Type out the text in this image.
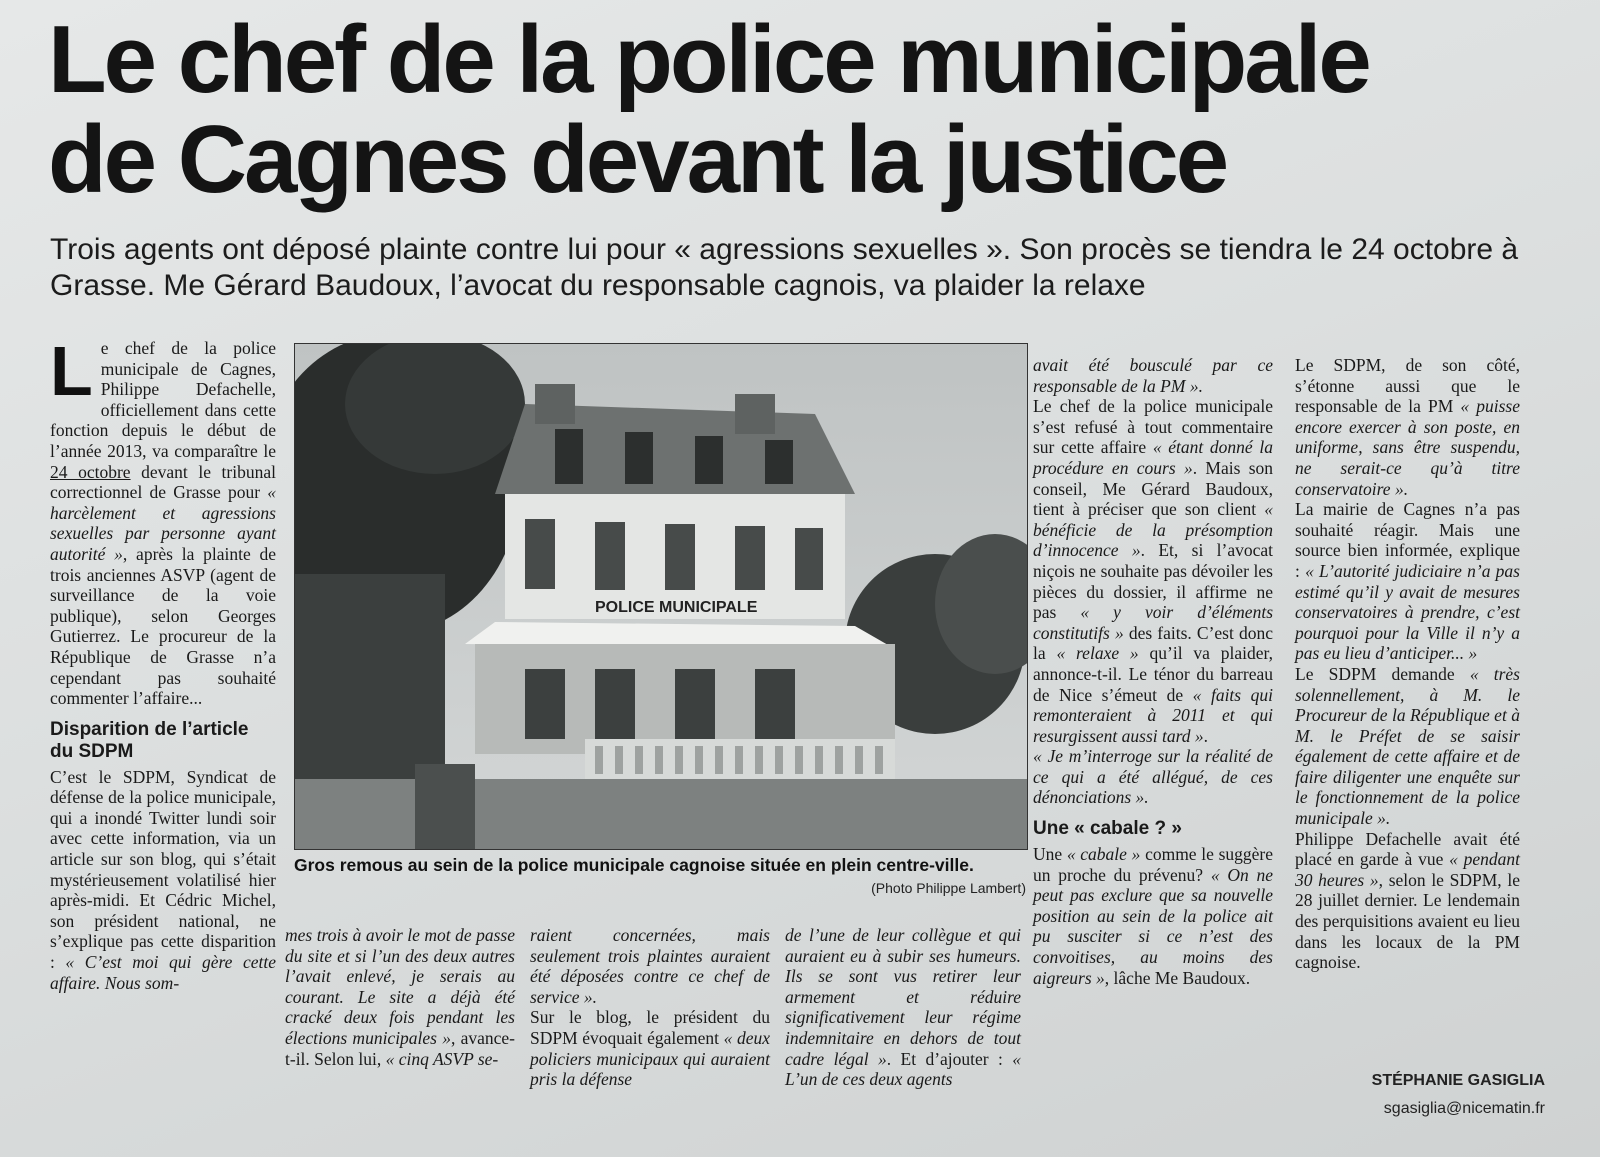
Le chef de la police municipale
de Cagnes devant la justice

Trois agents ont déposé plainte contre lui pour « agressions sexuelles ». Son procès se tiendra le 24 octobre à Grasse. Me Gérard Baudoux, l’avocat du responsable cagnois, va plaider la relaxe

Le chef de la police municipale de Cagnes, Philippe Defachelle, officiellement dans cette fonction depuis le début de l’année 2013, va comparaître le 24 octobre devant le tribunal correctionnel de Grasse pour « harcèlement et agressions sexuelles par personne ayant autorité », après la plainte de trois anciennes ASVP (agent de surveillance de la voie publique), selon Georges Gutierrez. Le procureur de la République de Grasse n’a cependant pas souhaité commenter l’affaire...

Disparition de l’article du SDPM

C’est le SDPM, Syndicat de défense de la police municipale, qui a inondé Twitter lundi soir avec cette information, via un article sur son blog, qui s’était mystérieusement volatilisé hier après-midi. Et Cédric Michel, son président national, ne s’explique pas cette disparition : « C’est moi qui gère cette affaire. Nous som-

POLICE MUNICIPALE
Gros remous au sein de la police municipale cagnoise située en plein centre-ville.
(Photo Philippe Lambert)

mes trois à avoir le mot de passe du site et si l’un des deux autres l’avait enlevé, je serais au courant. Le site a déjà été cracké deux fois pendant les élections municipales », avance-t-il. Selon lui, « cinq ASVP se-

raient concernées, mais seulement trois plaintes auraient été déposées contre ce chef de service ».

Sur le blog, le président du SDPM évoquait également « deux policiers municipaux qui auraient pris la défense

de l’une de leur collègue et qui auraient eu à subir ses humeurs. Ils se sont vus retirer leur armement et réduire significativement leur régime indemnitaire en dehors de tout cadre légal ». Et d’ajouter : « L’un de ces deux agents

avait été bousculé par ce responsable de la PM ».

Le chef de la police municipale s’est refusé à tout commentaire sur cette affaire « étant donné la procédure en cours ». Mais son conseil, Me Gérard Baudoux, tient à préciser que son client « bénéficie de la présomption d’innocence ». Et, si l’avocat niçois ne souhaite pas dévoiler les pièces du dossier, il affirme ne pas « y voir d’éléments constitutifs » des faits. C’est donc la « relaxe » qu’il va plaider, annonce-t-il. Le ténor du barreau de Nice s’émeut de « faits qui remonteraient à 2011 et qui resurgissent aussi tard ».

« Je m’interroge sur la réalité de ce qui a été allégué, de ces dénonciations ».

Une « cabale ? »

Une « cabale » comme le suggère un proche du prévenu? « On ne peut pas exclure que sa nouvelle position au sein de la police ait pu susciter si ce n’est des convoitises, au moins des aigreurs », lâche Me Baudoux.

Le SDPM, de son côté, s’étonne aussi que le responsable de la PM « puisse encore exercer à son poste, en uniforme, sans être suspendu, ne serait-ce qu’à titre conservatoire ».

La mairie de Cagnes n’a pas souhaité réagir. Mais une source bien informée, explique : « L’autorité judiciaire n’a pas estimé qu’il y avait de mesures conservatoires à prendre, c’est pourquoi pour la Ville il n’y a pas eu lieu d’anticiper... »

Le SDPM demande « très solennellement, à M. le Procureur de la République et à M. le Préfet de se saisir également de cette affaire et de faire diligenter une enquête sur le fonctionnement de la police municipale ».

Philippe Defachelle avait été placé en garde à vue « pendant 30 heures », selon le SDPM, le 28 juillet dernier. Le lendemain des perquisitions avaient eu lieu dans les locaux de la PM cagnoise.

STÉPHANIE GASIGLIA
sgasiglia@nicematin.fr
